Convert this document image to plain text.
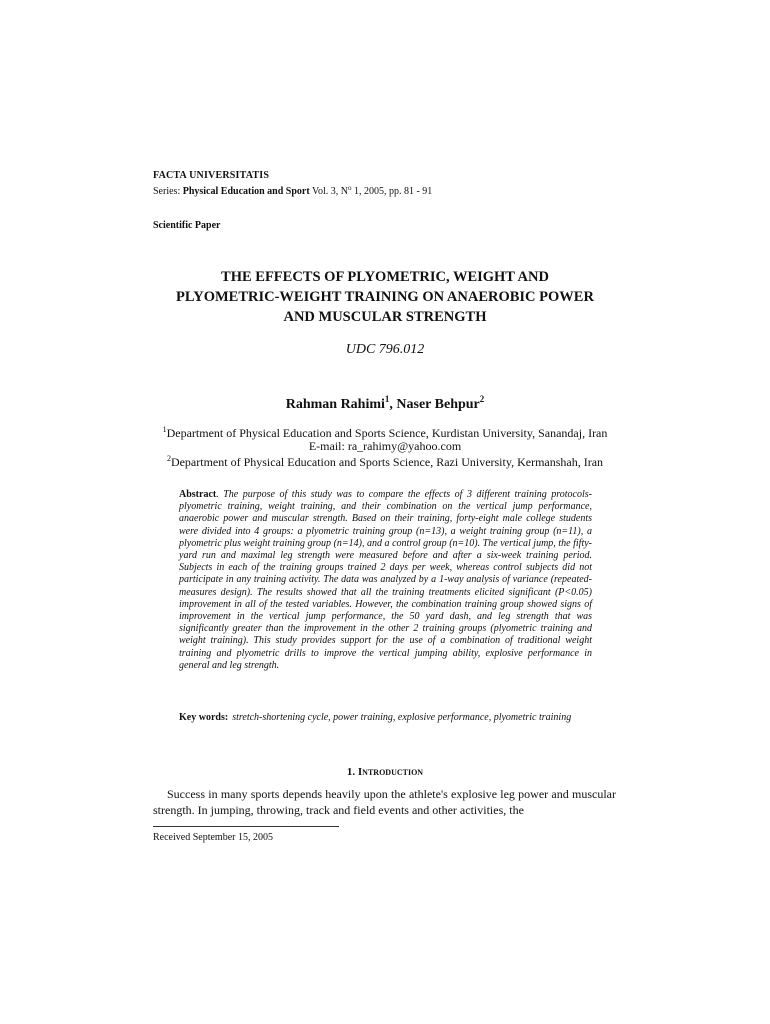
FACTA UNIVERSITATIS

Series: Physical Education and Sport Vol. 3, $N^o$ 1, 2005, pp. 81 - 91

Scientific Paper

THE EFFECTS OF PLYOMETRIC, WEIGHT AND
PLYOMETRIC-WEIGHT TRAINING ON ANAEROBIC POWER
AND MUSCULAR STRENGTH

UDC 796.012

Rahman Rahimi$^1$, Naser Behpur$^2$

$^1$Department of Physical Education and Sports Science, Kurdistan University, Sanandaj, Iran

E-mail: ra_rahimy@yahoo.com

$^2$Department of Physical Education and Sports Science, Razi University, Kermanshah, Iran

Abstract. The purpose of this study was to compare the effects of 3 different training protocols-plyometric training, weight training, and their combination on the vertical jump performance, anaerobic power and muscular strength. Based on their training, forty-eight male college students were divided into 4 groups: a plyometric training group (n=13), a weight training group (n=11), a plyometric plus weight training group (n=14), and a control group (n=10). The vertical jump, the fifty-yard run and maximal leg strength were measured before and after a six-week training period. Subjects in each of the training groups trained 2 days per week, whereas control subjects did not participate in any training activity. The data was analyzed by a 1-way analysis of variance (repeated-measures design). The results showed that all the training treatments elicited significant (P<0.05) improvement in all of the tested variables. However, the combination training group showed signs of improvement in the vertical jump performance, the 50 yard dash, and leg strength that was significantly greater than the improvement in the other 2 training groups (plyometric training and weight training). This study provides support for the use of a combination of traditional weight training and plyometric drills to improve the vertical jumping ability, explosive performance in general and leg strength.

Key words: stretch-shortening cycle, power training, explosive performance, plyometric training
1. Introduction

Success in many sports depends heavily upon the athlete's explosive leg power and muscular strength. In jumping, throwing, track and field events and other activities, the

Received September 15, 2005
